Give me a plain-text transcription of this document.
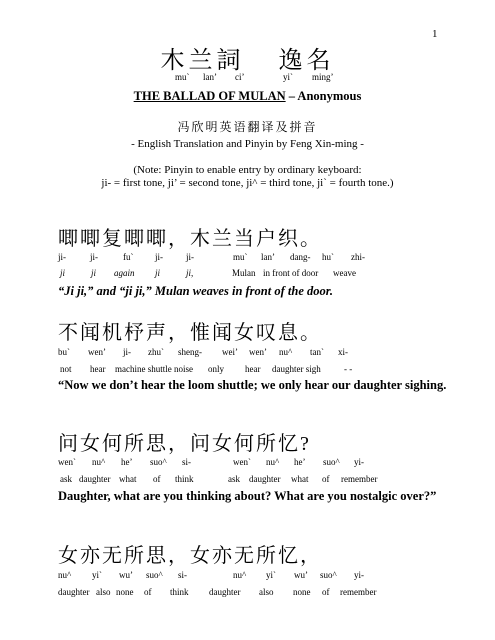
1
木兰詞 逸名
mu` lan’ ci’	yi` ming’
THE BALLAD OF MULAN – Anonymous
冯欣明英语翻译及拼音
- English Translation and Pinyin by Feng Xin-ming -
(Note: Pinyin to enable entry by ordinary keyboard:
ji- = first tone, ji’ = second tone, ji^ = third tone, ji` = fourth tone.)
唧唧复唧唧，木兰当户织。
ji-	ji-	fu` ji-	ji-	mu` lan’ dang- hu` zhi-
ji	ji again ji	ji,	Mulan in front of door weave
“Ji ji,” and “ji ji,” Mulan weaves in front of the door.
不闻机杼声，惟闻女叹息。
bu` wen’ ji- zhu` sheng- wei’ wen’ nu^ tan` xi-
not hear machine shuttle noise only hear daughter sigh	- -
“Now we don’t hear the loom shuttle; we only hear our daughter sighing.
问女何所思，问女何所忆?
wen` nu^ he’ suo^ si-	wen` nu^ he’ suo^ yi-
ask daughter what of think	ask daughter what of remember
Daughter, what are you thinking about? What are you nostalgic over?”
女亦无所思，女亦无所忆，
nu^ yi` wu’ suo^ si-	nu^ yi` wu’ suo^ yi-
daughter also none of think daughter also none of remember
